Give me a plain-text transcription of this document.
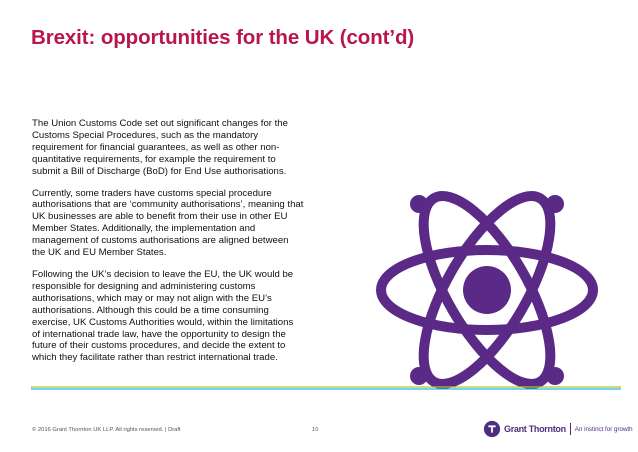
Brexit: opportunities for the UK (cont’d)

The Union Customs Code set out significant changes for the
Customs Special Procedures, such as the mandatory
requirement for financial guarantees, as well as other non-
quantitative requirements, for example the requirement to
submit a Bill of Discharge (BoD) for End Use authorisations.

Currently, some traders have customs special procedure
authorisations that are ‘community authorisations’, meaning that
UK businesses are able to benefit from their use in other EU
Member States. Additionally, the implementation and
management of customs authorisations are aligned between
the UK and EU Member States.

Following the UK’s decision to leave the EU, the UK would be
responsible for designing and administering customs
authorisations, which may or may not align with the EU’s
authorisations. Although this could be a time consuming
exercise, UK Customs Authorities would, within the limitations
of international trade law, have the opportunity to design the
future of their customs procedures, and decide the extent to
which they facilitate rather than restrict international trade.

© 2016 Grant Thornton UK LLP. All rights reserved. | Draft	10	Grant Thornton An instinct for growth
